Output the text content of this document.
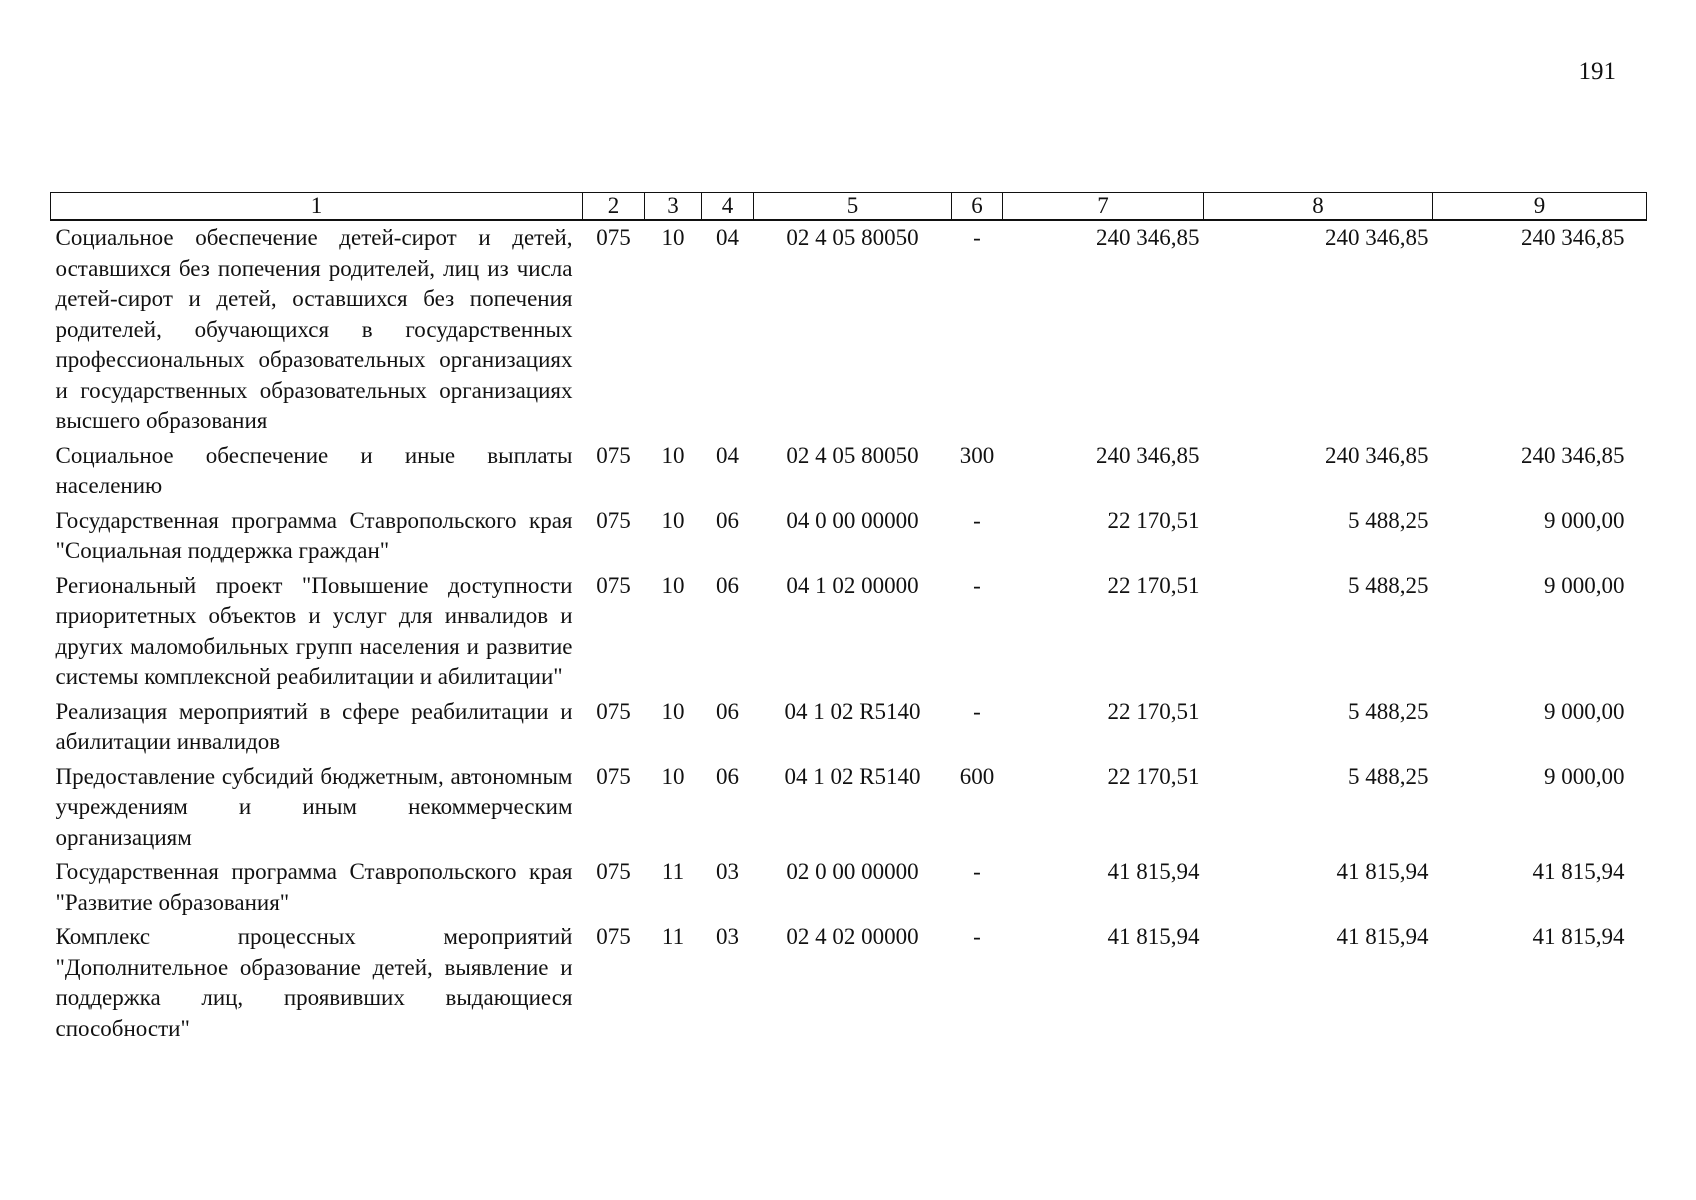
191
1	2	3	4	5	6	7	8	9
Социальное обеспечение детей-сирот и детей, оставшихся без попечения родителей, лиц из числа детей-сирот и детей, оставшихся без попечения родителей, обучающихся в государственных профессиональных образовательных организациях и государственных образовательных организациях высшего образования	075	10	04	02 4 05 80050	-	240 346,85	240 346,85	240 346,85
Социальное обеспечение и иные выплаты населению	075	10	04	02 4 05 80050	300	240 346,85	240 346,85	240 346,85
Государственная программа Ставропольского края "Социальная поддержка граждан"	075	10	06	04 0 00 00000	-	22 170,51	5 488,25	9 000,00
Региональный проект "Повышение доступности приоритетных объектов и услуг для инвалидов и других маломобильных групп населения и развитие системы комплексной реабилитации и абилитации"	075	10	06	04 1 02 00000	-	22 170,51	5 488,25	9 000,00
Реализация мероприятий в сфере реабилитации и абилитации инвалидов	075	10	06	04 1 02 R5140	-	22 170,51	5 488,25	9 000,00
Предоставление субсидий бюджетным, автономным учреждениям и иным некоммерческим организациям	075	10	06	04 1 02 R5140	600	22 170,51	5 488,25	9 000,00
Государственная программа Ставропольского края "Развитие образования"	075	11	03	02 0 00 00000	-	41 815,94	41 815,94	41 815,94
Комплекс процессных мероприятий "Дополнительное образование детей, выявление и поддержка лиц, проявивших выдающиеся способности"	075	11	03	02 4 02 00000	-	41 815,94	41 815,94	41 815,94
